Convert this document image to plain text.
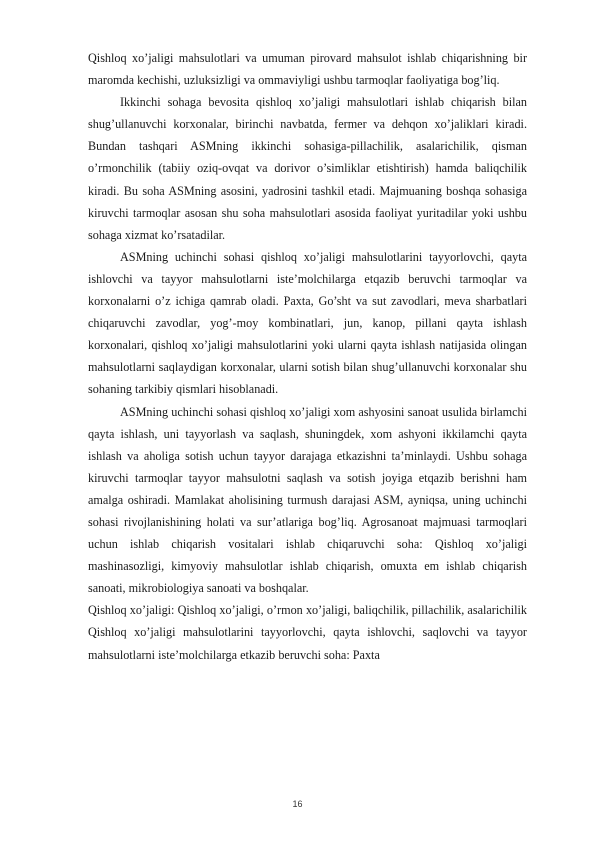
Qishloq xo’jaligi mahsulotlari va umuman pirovard mahsulot ishlab chiqarishning bir maromda kechishi, uzluksizligi va ommaviyligi ushbu tarmoqlar faoliyatiga bog’liq.

Ikkinchi sohaga bevosita qishloq xo’jaligi mahsulotlari ishlab chiqarish bilan shug’ullanuvchi korxonalar, birinchi navbatda, fermer va dehqon xo’jaliklari kiradi. Bundan tashqari ASMning ikkinchi sohasiga-pillachilik, asalarichilik, qisman o’rmonchilik (tabiiy oziq-ovqat va dorivor o’simliklar etishtirish) hamda baliqchilik kiradi. Bu soha ASMning asosini, yadrosini tashkil etadi. Majmuaning boshqa sohasiga kiruvchi tarmoqlar asosan shu soha mahsulotlari asosida faoliyat yuritadilar yoki ushbu sohaga xizmat ko’rsatadilar.

ASMning uchinchi sohasi qishloq xo’jaligi mahsulotlarini tayyorlovchi, qayta ishlovchi va tayyor mahsulotlarni iste’molchilarga etqazib beruvchi tarmoqlar va korxonalarni o’z ichiga qamrab oladi. Paxta, Go’sht va sut zavodlari, meva sharbatlari chiqaruvchi zavodlar, yog’-moy kombinatlari, jun, kanop, pillani qayta ishlash korxonalari, qishloq xo’jaligi mahsulotlarini yoki ularni qayta ishlash natijasida olingan mahsulotlarni saqlaydigan korxonalar, ularni sotish bilan shug’ullanuvchi korxonalar shu sohaning tarkibiy qismlari hisoblanadi.

ASMning uchinchi sohasi qishloq xo’jaligi xom ashyosini sanoat usulida birlamchi qayta ishlash, uni tayyorlash va saqlash, shuningdek, xom ashyoni ikkilamchi qayta ishlash va aholiga sotish uchun tayyor darajaga etkazishni ta’minlaydi. Ushbu sohaga kiruvchi tarmoqlar tayyor mahsulotni saqlash va sotish joyiga etqazib berishni ham amalga oshiradi. Mamlakat aholisining turmush darajasi ASM, ayniqsa, uning uchinchi sohasi rivojlanishining holati va sur’atlariga bog’liq. Agrosanoat majmuasi tarmoqlari uchun ishlab chiqarish vositalari ishlab chiqaruvchi soha: Qishloq xo’jaligi mashinasozligi, kimyoviy mahsulotlar ishlab chiqarish, omuxta em ishlab chiqarish sanoati, mikrobiologiya sanoati va boshqalar.

Qishloq xo’jaligi: Qishloq xo’jaligi, o’rmon xo’jaligi, baliqchilik, pillachilik, asalarichilik Qishloq xo’jaligi mahsulotlarini tayyorlovchi, qayta ishlovchi, saqlovchi va tayyor mahsulotlarni iste’molchilarga etkazib beruvchi soha: Paxta

16
